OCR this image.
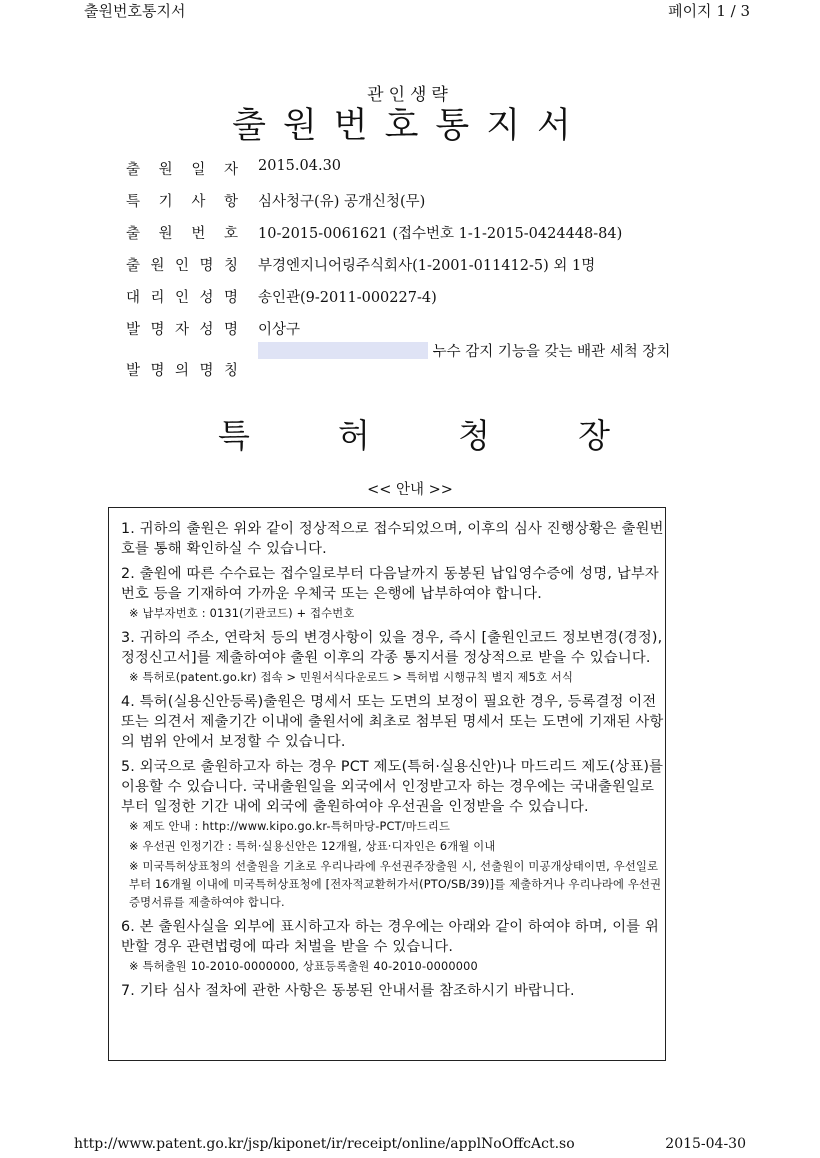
출원번호통지서	페이지 1 / 3
관인생략
출원번호통지서
출 원 일 자 2015.04.30
특 기 사 항 심사청구(유) 공개신청(무)
출 원 번 호 10-2015-0061621 (접수번호 1-1-2015-0424448-84)
출 원 인 명 칭 부경엔지니어링주식회사(1-2001-011412-5) 외 1명
대 리 인 성 명 송인관(9-2011-000227-4)
발 명 자 성 명 이상구
발 명 의 명 칭
누수 감지 기능을 갖는 배관 세척 장치
특	허	청	장
<< 안내 >>

1. 귀하의 출원은 위와 같이 정상적으로 접수되었으며, 이후의 심사 진행상황은 출원번호를 통해 확인하실 수 있습니다.

2. 출원에 따른 수수료는 접수일로부터 다음날까지 동봉된 납입영수증에 성명, 납부자번호 등을 기재하여 가까운 우체국 또는 은행에 납부하여야 합니다.

※ 납부자번호 : 0131(기관코드) + 접수번호

3. 귀하의 주소, 연락처 등의 변경사항이 있을 경우, 즉시 [출원인코드 정보변경(경정), 정정신고서]를 제출하여야 출원 이후의 각종 통지서를 정상적으로 받을 수 있습니다.

※ 특허로(patent.go.kr) 접속 > 민원서식다운로드 > 특허법 시행규칙 별지 제5호 서식

4. 특허(실용신안등록)출원은 명세서 또는 도면의 보정이 필요한 경우, 등록결정 이전 또는 의견서 제출기간 이내에 출원서에 최초로 첨부된 명세서 또는 도면에 기재된 사항의 범위 안에서 보정할 수 있습니다.

5. 외국으로 출원하고자 하는 경우 PCT 제도(특허·실용신안)나 마드리드 제도(상표)를 이용할 수 있습니다. 국내출원일을 외국에서 인정받고자 하는 경우에는 국내출원일로부터 일정한 기간 내에 외국에 출원하여야 우선권을 인정받을 수 있습니다.

※ 제도 안내 : http://www.kipo.go.kr-특허마당-PCT/마드리드
※ 우선권 인정기간 : 특허·실용신안은 12개월, 상표·디자인은 6개월 이내
※ 미국특허상표청의 선출원을 기초로 우리나라에 우선권주장출원 시, 선출원이 미공개상태이면, 우선일로부터 16개월 이내에 미국특허상표청에 [전자적교환허가서(PTO/SB/39)]를 제출하거나 우리나라에 우선권 증명서류를 제출하여야 합니다.

6. 본 출원사실을 외부에 표시하고자 하는 경우에는 아래와 같이 하여야 하며, 이를 위반할 경우 관련법령에 따라 처벌을 받을 수 있습니다.

※ 특허출원 10-2010-0000000, 상표등록출원 40-2010-0000000

7. 기타 심사 절차에 관한 사항은 동봉된 안내서를 참조하시기 바랍니다.

http://www.patent.go.kr/jsp/kiponet/ir/receipt/online/applNoOffcAct.so	2015-04-30
